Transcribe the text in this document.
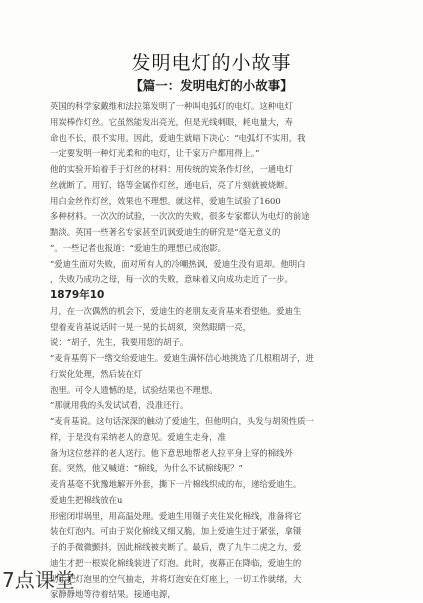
发明电灯的小故事
【篇一：发明电灯的小故事】
英国的科学家戴维和法拉第发明了一种叫电弧灯的电灯。这种电灯
用炭棒作灯丝。它虽然能发出亮光，但是光线刺眼，耗电量大，寿
命也不长，很不实用。因此，爱迪生就暗下决心：“电弧灯不实用，我
一定要发明一种灯光柔和的电灯，让千家万户都用得上。”
他的实验开始着手于灯丝的材料：用传统的炭条作灯丝，一通电灯
丝就断了。用钌、铬等金属作灯丝，通电后，亮了片刻就被烧断。
用白金丝作灯丝，效果也不理想。就这样，爱迪生试验了1600
多种材料。一次次的试验，一次次的失败，很多专家都认为电灯的前途
黯淡。英国一些著名专家甚至讥讽爱迪生的研究是“毫无意义的
”。一些记者也报道：“爱迪生的理想已成泡影。
”爱迪生面对失败，面对所有人的冷嘲热讽，爱迪生没有退却。他明白
，失败乃成功之母，每一次的失败，意味着又向成功走近了一步。
1879年10
月，在一次偶然的机会下，爱迪生的老朋友麦肯基来看望他。爱迪生
望着麦肯基说话时一晃一晃的长胡须，突然眼睛一亮，
说：“胡子，先生，我要用您的胡子。
”麦肯基剪下一绺交给爱迪生。爱迪生满怀信心地挑选了几根粗胡子，进
行炭化处理，然后装在灯
泡里。可令人遗憾的是，试验结果也不理想。
”那就用我的头发试试看，没准还行。
”麦肯基说。这句话深深的触动了爱迪生，但他明白，头发与胡须性质一
样，于是没有采纳老人的意见。爱迪生走身，准
备为这位慈祥的老人送行。他下意思地帮老人拉平身上穿的棉线外
套。突然，他又喊道：“棉线，为什么不试棉线呢？”
麦肯基毫不犹豫地解开外套，撕下一片棉线织成的布，递给爱迪生。
爱迪生把棉线放在u
形密闭坩埚里，用高温处理。爱迪生用镊子夹住炭化棉线，准备将它
装在灯泡内。可由于炭化棉线又细又脆，加上爱迪生过于紧张，拿镊
子的手微微颤抖，因此棉线被夹断了。最后，费了九牛二虎之力，爱
迪生才把一根炭化棉线装进了灯泡。此时，夜幕正在降临，爱迪生的
助手把灯泡里的空气抽走，并将灯泡安在灯座上，一切工作就绪，大
家静静地等待着结果。接通电源，
7点课堂
